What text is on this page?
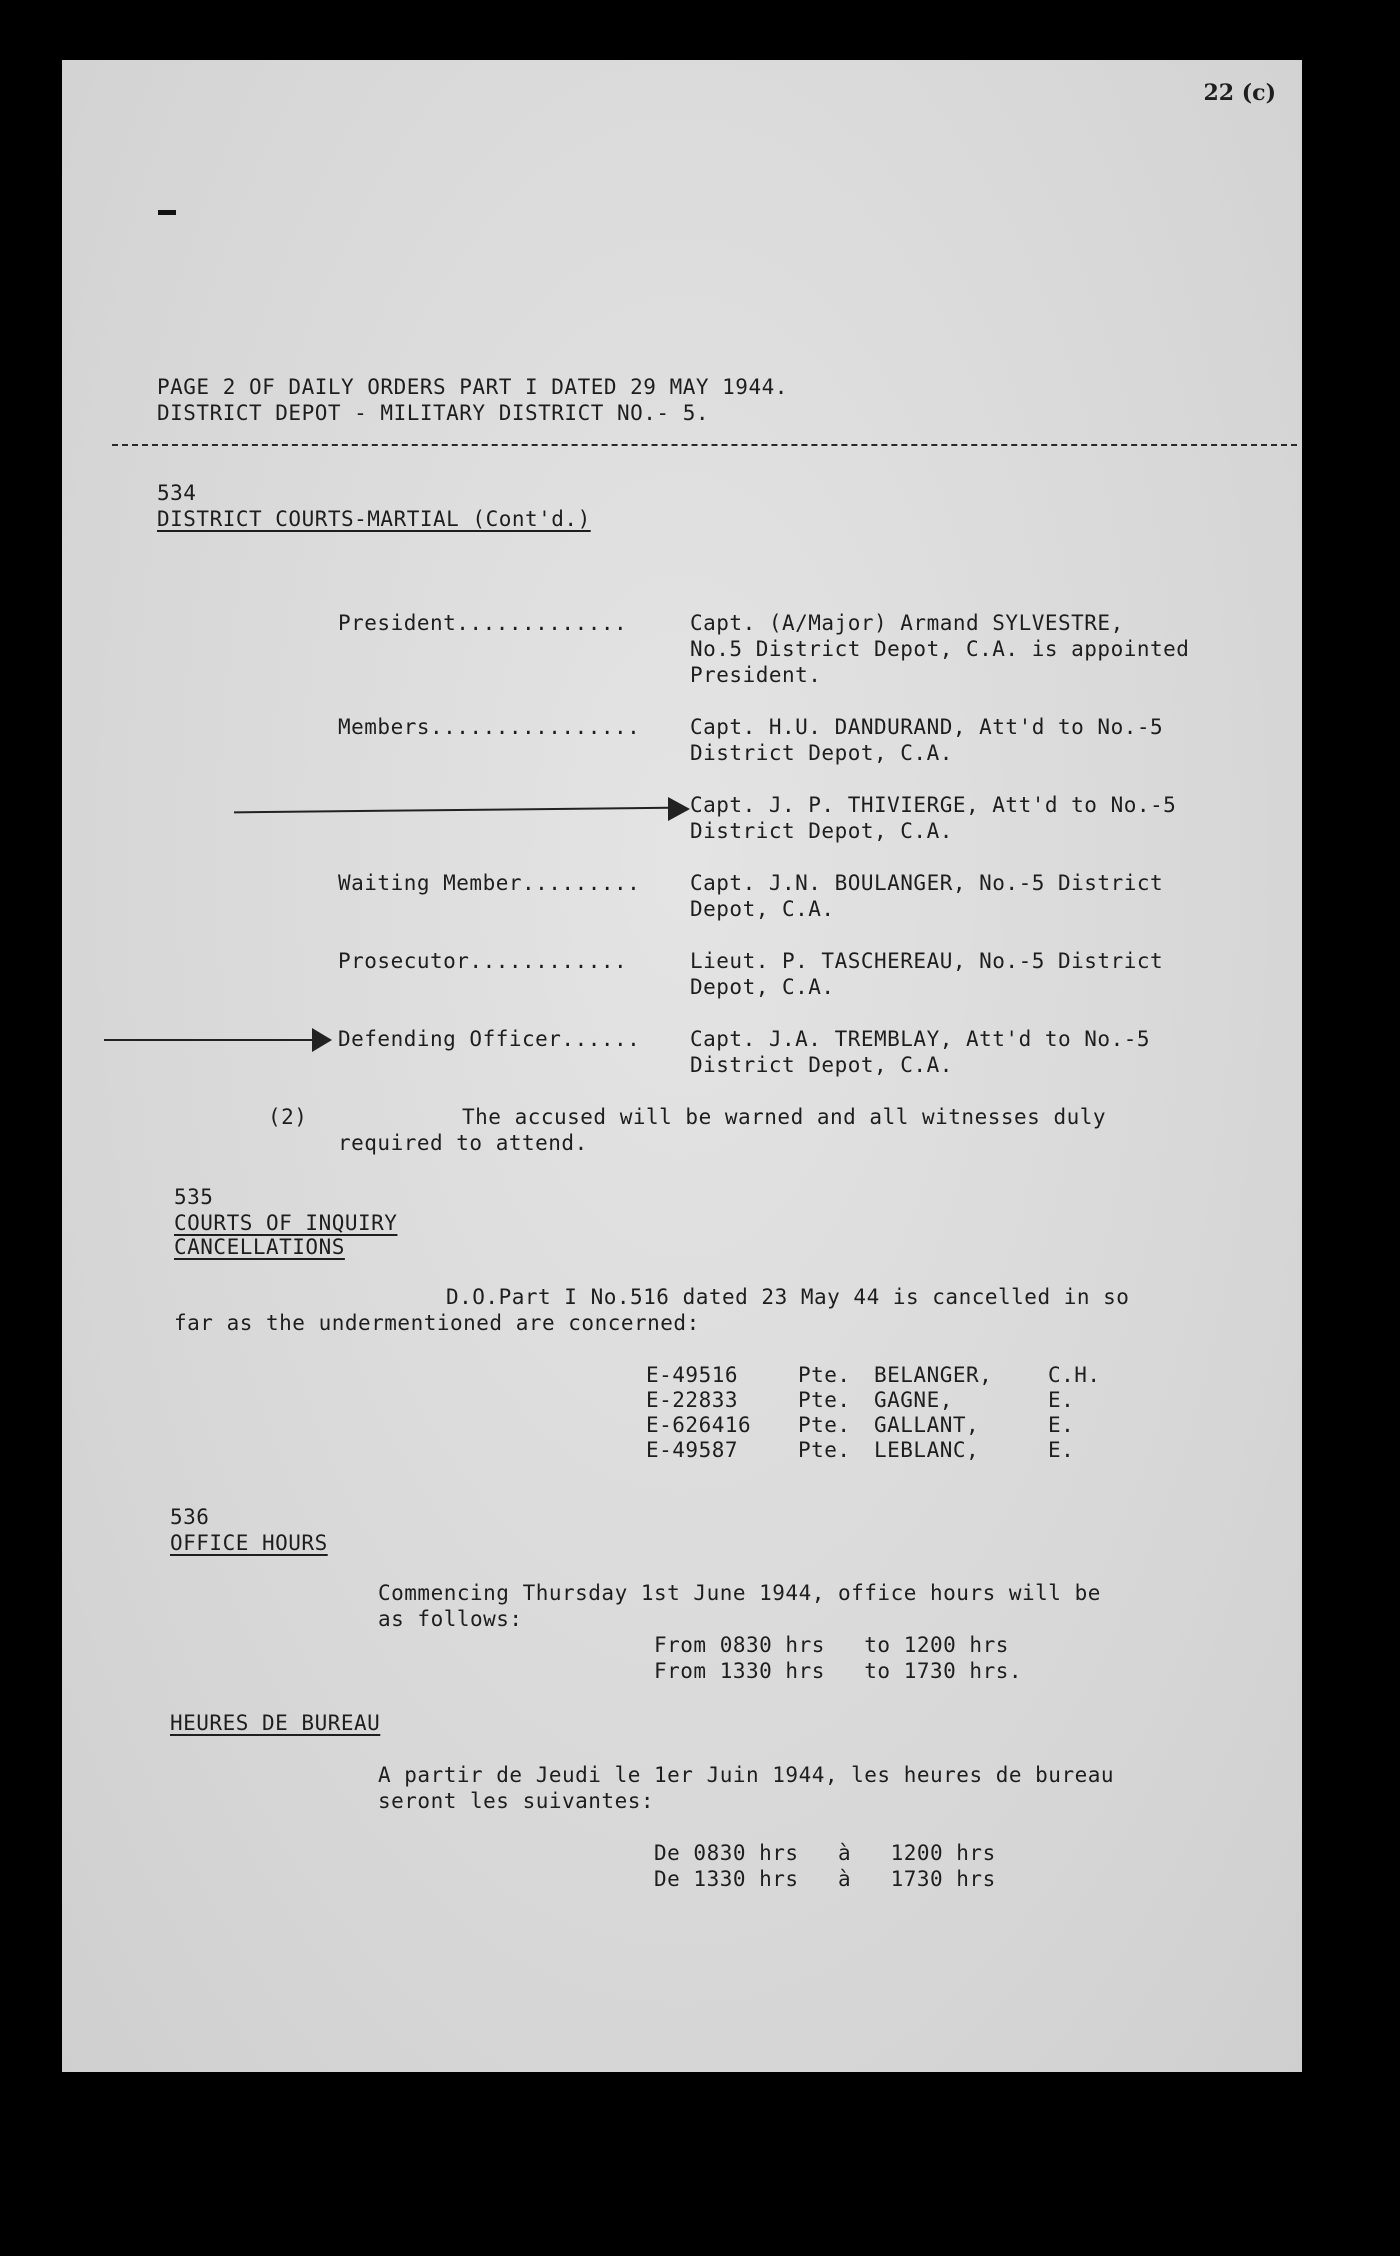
22 (c)
PAGE 2 OF DAILY ORDERS PART I DATED 29 MAY 1944.
DISTRICT DEPOT - MILITARY DISTRICT NO.- 5.
534
DISTRICT COURTS-MARTIAL (Cont'd.)
President.............	Capt. (A/Major) Armand SYLVESTRE,
No.5 District Depot, C.A. is appointed
President.
Members................ Capt. H.U. DANDURAND, Att'd to No.-5
District Depot, C.A.
Capt. J. P. THIVIERGE, Att'd to No.-5
District Depot, C.A.
Waiting Member......... Capt. J.N. BOULANGER, No.-5 District
Depot, C.A.
Prosecutor............	Lieut. P. TASCHEREAU, No.-5 District
Depot, C.A.
Defending Officer...... Capt. J.A. TREMBLAY, Att'd to No.-5
District Depot, C.A.
(2)	The accused will be warned and all witnesses duly
required to attend.
535
COURTS OF INQUIRY
CANCELLATIONS
D.O.Part I No.516 dated 23 May 44 is cancelled in so
far as the undermentioned are concerned:
E-49516	Pte. BELANGER,	C.H.
E-22833	Pte. GAGNE,	E.
E-626416 Pte. GALLANT,	E.
E-49587	Pte. LEBLANC,	E.
536
OFFICE HOURS
Commencing Thursday 1st June 1944, office hours will be
as follows:
From 0830 hrs   to 1200 hrs
From 1330 hrs   to 1730 hrs.
HEURES DE BUREAU
A partir de Jeudi le 1er Juin 1944, les heures de bureau
seront les suivantes:
De 0830 hrs   à   1200 hrs
De 1330 hrs   à   1730 hrs
